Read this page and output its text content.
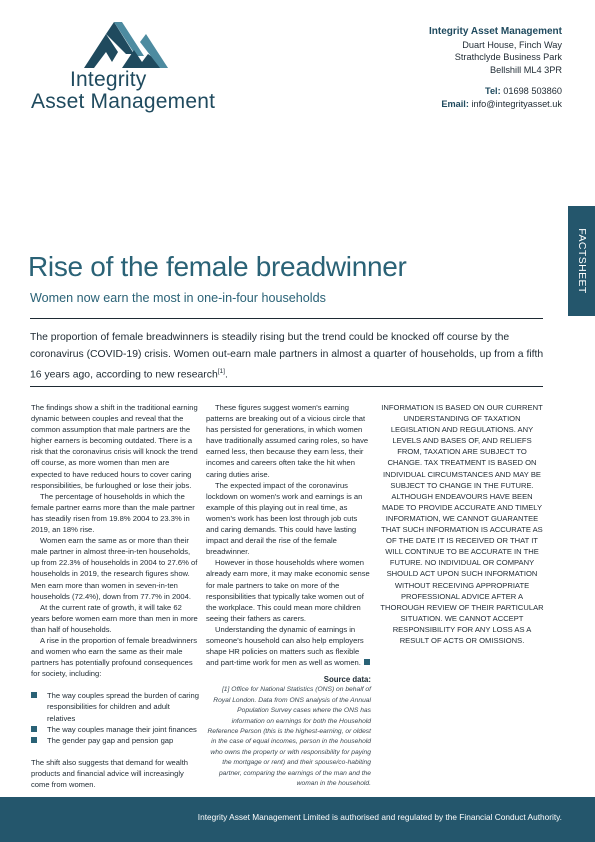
Integrity
Asset Management
Integrity Asset Management
Duart House, Finch Way
Strathclyde Business Park
Bellshill ML4 3PR
Tel: 01698 503860
Email: info@integrityasset.uk
FACTSHEET
Rise of the female breadwinner
Women now earn the most in one-in-four households
The proportion of female breadwinners is steadily rising but the trend could be knocked off course by the coronavirus (COVID-19) crisis. Women out-earn male partners in almost a quarter of households, up from a fifth 16 years ago, according to new research[1].

The findings show a shift in the traditional earning dynamic between couples and reveal that the common assumption that male partners are the higher earners is becoming outdated. There is a risk that the coronavirus crisis will knock the trend off course, as more women than men are expected to have reduced hours to cover caring responsibilities, be furloughed or lose their jobs.

The percentage of households in which the female partner earns more than the male partner has steadily risen from 19.8% 2004 to 23.3% in 2019, an 18% rise.

Women earn the same as or more than their male partner in almost three-in-ten households, up from 22.3% of households in 2004 to 27.6% of households in 2019, the research figures show. Men earn more than women in seven-in-ten households (72.4%), down from 77.7% in 2004.

At the current rate of growth, it will take 62 years before women earn more than men in more than half of households.

A rise in the proportion of female breadwinners and women who earn the same as their male partners has potentially profound consequences for society, including:

The way couples spread the burden of caring responsibilities for children and adult relatives
The way couples manage their joint finances
The gender pay gap and pension gap

The shift also suggests that demand for wealth products and financial advice will increasingly come from women.

These figures suggest women's earning patterns are breaking out of a vicious circle that has persisted for generations, in which women have traditionally assumed caring roles, so have earned less, then because they earn less, their incomes and careers often take the hit when caring duties arise.

The expected impact of the coronavirus lockdown on women's work and earnings is an example of this playing out in real time, as women's work has been lost through job cuts and caring demands. This could have lasting impact and derail the rise of the female breadwinner.

However in those households where women already earn more, it may make economic sense for male partners to take on more of the responsibilities that typically take women out of the workplace. This could mean more children seeing their fathers as carers.

Understanding the dynamic of earnings in someone's household can also help employers shape HR policies on matters such as flexible and part-time work for men as well as women.

Source data:
[1] Office for National Statistics (ONS) on behalf of Royal London. Data from ONS analysis of the Annual Population Survey cases where the ONS has information on earnings for both the Household Reference Person (this is the highest-earning, or oldest in the case of equal incomes, person in the household who owns the property or with responsibility for paying the mortgage or rent) and their spouse/co-habiting partner, comparing the earnings of the man and the woman in the household.
INFORMATION IS BASED ON OUR CURRENT UNDERSTANDING OF TAXATION LEGISLATION AND REGULATIONS. ANY LEVELS AND BASES OF, AND RELIEFS FROM, TAXATION ARE SUBJECT TO CHANGE. TAX TREATMENT IS BASED ON INDIVIDUAL CIRCUMSTANCES AND MAY BE SUBJECT TO CHANGE IN THE FUTURE. ALTHOUGH ENDEAVOURS HAVE BEEN MADE TO PROVIDE ACCURATE AND TIMELY INFORMATION, WE CANNOT GUARANTEE THAT SUCH INFORMATION IS ACCURATE AS OF THE DATE IT IS RECEIVED OR THAT IT WILL CONTINUE TO BE ACCURATE IN THE FUTURE. NO INDIVIDUAL OR COMPANY SHOULD ACT UPON SUCH INFORMATION WITHOUT RECEIVING APPROPRIATE PROFESSIONAL ADVICE AFTER A THOROUGH REVIEW OF THEIR PARTICULAR SITUATION. WE CANNOT ACCEPT RESPONSIBILITY FOR ANY LOSS AS A RESULT OF ACTS OR OMISSIONS.
Integrity Asset Management Limited is authorised and regulated by the Financial Conduct Authority.
